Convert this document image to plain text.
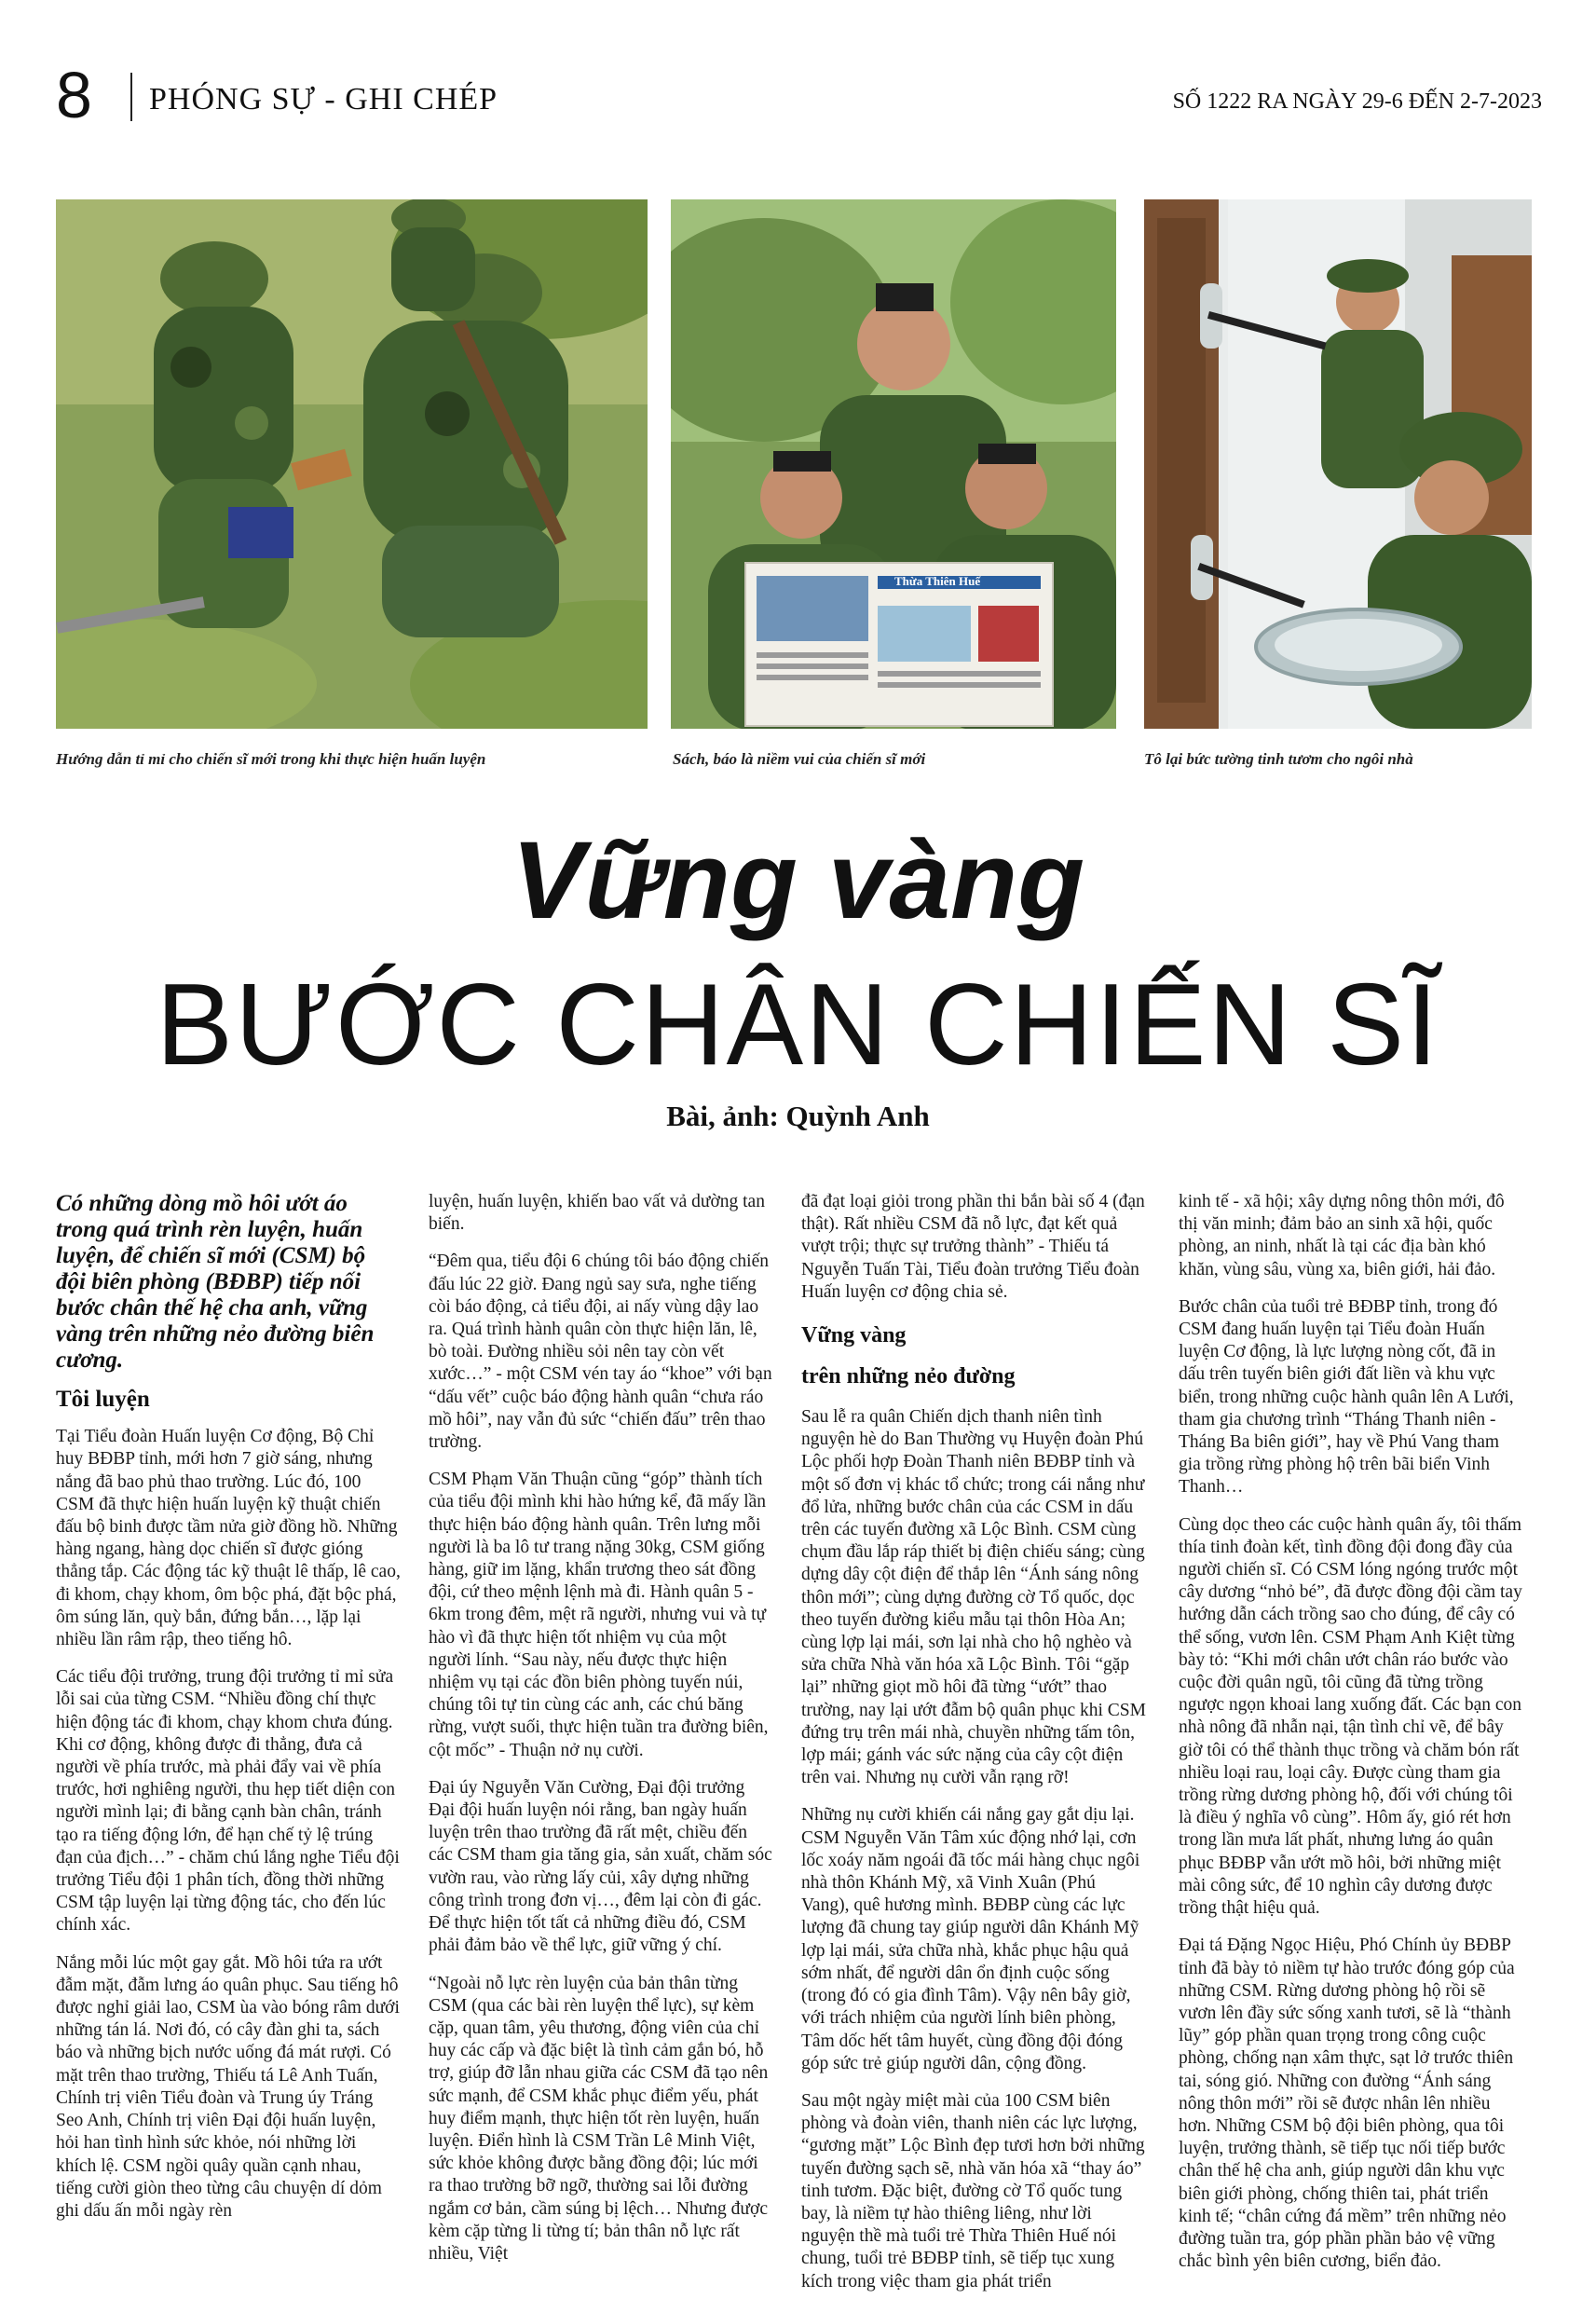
8 PHÓNG SỰ - GHI CHÉP	SỐ 1222 RA NGÀY 29-6 ĐẾN 2-7-2023
Hướng dẫn tỉ mỉ cho chiến sĩ mới trong khi thực hiện huấn luyện
Thừa Thiên Huế
Sách, báo là niềm vui của chiến sĩ mới	Tô lại bức tường tinh tươm cho ngôi nhà
Vững vàng
BƯỚC CHÂN CHIẾN SĨ
Bài, ảnh: Quỳnh Anh

Có những dòng mồ hôi ướt áo trong quá trình rèn luyện, huấn luyện, để chiến sĩ mới (CSM) bộ đội biên phòng (BĐBP) tiếp nối bước chân thế hệ cha anh, vững vàng trên những nẻo đường biên cương.

Tôi luyện

Tại Tiểu đoàn Huấn luyện Cơ động, Bộ Chỉ huy BĐBP tỉnh, mới hơn 7 giờ sáng, nhưng nắng đã bao phủ thao trường. Lúc đó, 100 CSM đã thực hiện huấn luyện kỹ thuật chiến đấu bộ binh được tầm nửa giờ đồng hồ. Những hàng ngang, hàng dọc chiến sĩ được gióng thẳng tắp. Các động tác kỹ thuật lê thấp, lê cao, đi khom, chạy khom, ôm bộc phá, đặt bộc phá, ôm súng lăn, quỳ bắn, đứng bắn…, lặp lại nhiều lần râm rập, theo tiếng hô.

Các tiểu đội trưởng, trung đội trưởng tỉ mỉ sửa lỗi sai của từng CSM. “Nhiều đồng chí thực hiện động tác đi khom, chạy khom chưa đúng. Khi cơ động, không được đi thẳng, đưa cả người về phía trước, mà phải đẩy vai về phía trước, hơi nghiêng người, thu hẹp tiết diện con người mình lại; đi bằng cạnh bàn chân, tránh tạo ra tiếng động lớn, để hạn chế tỷ lệ trúng đạn của địch…” - chăm chú lắng nghe Tiểu đội trưởng Tiểu đội 1 phân tích, đồng thời những CSM tập luyện lại từng động tác, cho đến lúc chính xác.

Nắng mỗi lúc một gay gắt. Mồ hôi tứa ra ướt đẫm mặt, đẫm lưng áo quân phục. Sau tiếng hô được nghỉ giải lao, CSM ùa vào bóng râm dưới những tán lá. Nơi đó, có cây đàn ghi ta, sách báo và những bịch nước uống đá mát rượi. Có mặt trên thao trường, Thiếu tá Lê Anh Tuấn, Chính trị viên Tiểu đoàn và Trung úy Tráng Seo Anh, Chính trị viên Đại đội huấn luyện, hỏi han tình hình sức khỏe, nói những lời khích lệ. CSM ngồi quây quần cạnh nhau, tiếng cười giòn theo từng câu chuyện dí dỏm ghi dấu ấn mỗi ngày rèn

luyện, huấn luyện, khiến bao vất vả dường tan biến.

“Đêm qua, tiểu đội 6 chúng tôi báo động chiến đấu lúc 22 giờ. Đang ngủ say sưa, nghe tiếng còi báo động, cả tiểu đội, ai nấy vùng dậy lao ra. Quá trình hành quân còn thực hiện lăn, lê, bò toài. Đường nhiều sỏi nên tay còn vết xước…” - một CSM vén tay áo “khoe” với bạn “dấu vết” cuộc báo động hành quân “chưa ráo mồ hôi”, nay vẫn đủ sức “chiến đấu” trên thao trường.

CSM Phạm Văn Thuận cũng “góp” thành tích của tiểu đội mình khi hào hứng kể, đã mấy lần thực hiện báo động hành quân. Trên lưng mỗi người là ba lô tư trang nặng 30kg, CSM giống hàng, giữ im lặng, khẩn trương theo sát đồng đội, cứ theo mệnh lệnh mà đi. Hành quân 5 - 6km trong đêm, mệt rã người, nhưng vui và tự hào vì đã thực hiện tốt nhiệm vụ của một người lính. “Sau này, nếu được thực hiện nhiệm vụ tại các đồn biên phòng tuyến núi, chúng tôi tự tin cùng các anh, các chú băng rừng, vượt suối, thực hiện tuần tra đường biên, cột mốc” - Thuận nở nụ cười.

Đại úy Nguyễn Văn Cường, Đại đội trưởng Đại đội huấn luyện nói rằng, ban ngày huấn luyện trên thao trường đã rất mệt, chiều đến các CSM tham gia tăng gia, sản xuất, chăm sóc vườn rau, vào rừng lấy củi, xây dựng những công trình trong đơn vị…, đêm lại còn đi gác. Để thực hiện tốt tất cả những điều đó, CSM phải đảm bảo về thể lực, giữ vững ý chí.

“Ngoài nỗ lực rèn luyện của bản thân từng CSM (qua các bài rèn luyện thể lực), sự kèm cặp, quan tâm, yêu thương, động viên của chỉ huy các cấp và đặc biệt là tình cảm gắn bó, hỗ trợ, giúp đỡ lẫn nhau giữa các CSM đã tạo nên sức mạnh, để CSM khắc phục điểm yếu, phát huy điểm mạnh, thực hiện tốt rèn luyện, huấn luyện. Điển hình là CSM Trần Lê Minh Việt, sức khỏe không được bằng đồng đội; lúc mới ra thao trường bỡ ngỡ, thường sai lỗi đường ngắm cơ bản, cầm súng bị lệch… Nhưng được kèm cặp từng li từng tí; bản thân nỗ lực rất nhiều, Việt

đã đạt loại giỏi trong phần thi bắn bài số 4 (đạn thật). Rất nhiều CSM đã nỗ lực, đạt kết quả vượt trội; thực sự trưởng thành” - Thiếu tá Nguyễn Tuấn Tài, Tiểu đoàn trưởng Tiểu đoàn Huấn luyện cơ động chia sẻ.

Vững vàng
trên những nẻo đường

Sau lễ ra quân Chiến dịch thanh niên tình nguyện hè do Ban Thường vụ Huyện đoàn Phú Lộc phối hợp Đoàn Thanh niên BĐBP tỉnh và một số đơn vị khác tổ chức; trong cái nắng như đổ lửa, những bước chân của các CSM in dấu trên các tuyến đường xã Lộc Bình. CSM cùng chụm đầu lắp ráp thiết bị điện chiếu sáng; cùng dựng dây cột điện để thắp lên “Ánh sáng nông thôn mới”; cùng dựng đường cờ Tổ quốc, dọc theo tuyến đường kiểu mẫu tại thôn Hòa An; cùng lợp lại mái, sơn lại nhà cho hộ nghèo và sửa chữa Nhà văn hóa xã Lộc Bình. Tôi “gặp lại” những giọt mồ hôi đã từng “ướt” thao trường, nay lại ướt đẫm bộ quân phục khi CSM đứng trụ trên mái nhà, chuyền những tấm tôn, lợp mái; gánh vác sức nặng của cây cột điện trên vai. Nhưng nụ cười vẫn rạng rỡ!

Những nụ cười khiến cái nắng gay gắt dịu lại. CSM Nguyễn Văn Tâm xúc động nhớ lại, cơn lốc xoáy năm ngoái đã tốc mái hàng chục ngôi nhà thôn Khánh Mỹ, xã Vinh Xuân (Phú Vang), quê hương mình. BĐBP cùng các lực lượng đã chung tay giúp người dân Khánh Mỹ lợp lại mái, sửa chữa nhà, khắc phục hậu quả sớm nhất, để người dân ổn định cuộc sống (trong đó có gia đình Tâm). Vậy nên bây giờ, với trách nhiệm của người lính biên phòng, Tâm dốc hết tâm huyết, cùng đồng đội đóng góp sức trẻ giúp người dân, cộng đồng.

Sau một ngày miệt mài của 100 CSM biên phòng và đoàn viên, thanh niên các lực lượng, “gương mặt” Lộc Bình đẹp tươi hơn bởi những tuyến đường sạch sẽ, nhà văn hóa xã “thay áo” tinh tươm. Đặc biệt, đường cờ Tổ quốc tung bay, là niềm tự hào thiêng liêng, như lời nguyện thề mà tuổi trẻ Thừa Thiên Huế nói chung, tuổi trẻ BĐBP tỉnh, sẽ tiếp tục xung kích trong việc tham gia phát triển

kinh tế - xã hội; xây dựng nông thôn mới, đô thị văn minh; đảm bảo an sinh xã hội, quốc phòng, an ninh, nhất là tại các địa bàn khó khăn, vùng sâu, vùng xa, biên giới, hải đảo.

Bước chân của tuổi trẻ BĐBP tỉnh, trong đó CSM đang huấn luyện tại Tiểu đoàn Huấn luyện Cơ động, là lực lượng nòng cốt, đã in dấu trên tuyến biên giới đất liền và khu vực biển, trong những cuộc hành quân lên A Lưới, tham gia chương trình “Tháng Thanh niên - Tháng Ba biên giới”, hay về Phú Vang tham gia trồng rừng phòng hộ trên bãi biển Vinh Thanh…

Cùng dọc theo các cuộc hành quân ấy, tôi thấm thía tinh đoàn kết, tình đồng đội đong đầy của người chiến sĩ. Có CSM lóng ngóng trước một cây dương “nhỏ bé”, đã được đồng đội cầm tay hướng dẫn cách trồng sao cho đúng, để cây có thể sống, vươn lên. CSM Phạm Anh Kiệt từng bày tỏ: “Khi mới chân ướt chân ráo bước vào cuộc đời quân ngũ, tôi cũng đã từng trồng ngược ngọn khoai lang xuống đất. Các bạn con nhà nông đã nhẫn nại, tận tình chỉ vẽ, để bây giờ tôi có thể thành thục trồng và chăm bón rất nhiều loại rau, loại cây. Được cùng tham gia trồng rừng dương phòng hộ, đối với chúng tôi là điều ý nghĩa vô cùng”. Hôm ấy, gió rét hơn trong lần mưa lất phất, nhưng lưng áo quân phục BĐBP vẫn ướt mồ hôi, bởi những miệt mài công sức, để 10 nghìn cây dương được trồng thật hiệu quả.

Đại tá Đặng Ngọc Hiệu, Phó Chính ủy BĐBP tỉnh đã bày tỏ niềm tự hào trước đóng góp của những CSM. Rừng dương phòng hộ rồi sẽ vươn lên đầy sức sống xanh tươi, sẽ là “thành lũy” góp phần quan trọng trong công cuộc phòng, chống nạn xâm thực, sạt lở trước thiên tai, sóng gió. Những con đường “Ánh sáng nông thôn mới” rồi sẽ được nhân lên nhiều hơn. Những CSM bộ đội biên phòng, qua tôi luyện, trưởng thành, sẽ tiếp tục nối tiếp bước chân thế hệ cha anh, giúp người dân khu vực biên giới phòng, chống thiên tai, phát triển kinh tế; “chân cứng đá mềm” trên những nẻo đường tuần tra, góp phần phần bảo vệ vững chắc bình yên biên cương, biển đảo.
